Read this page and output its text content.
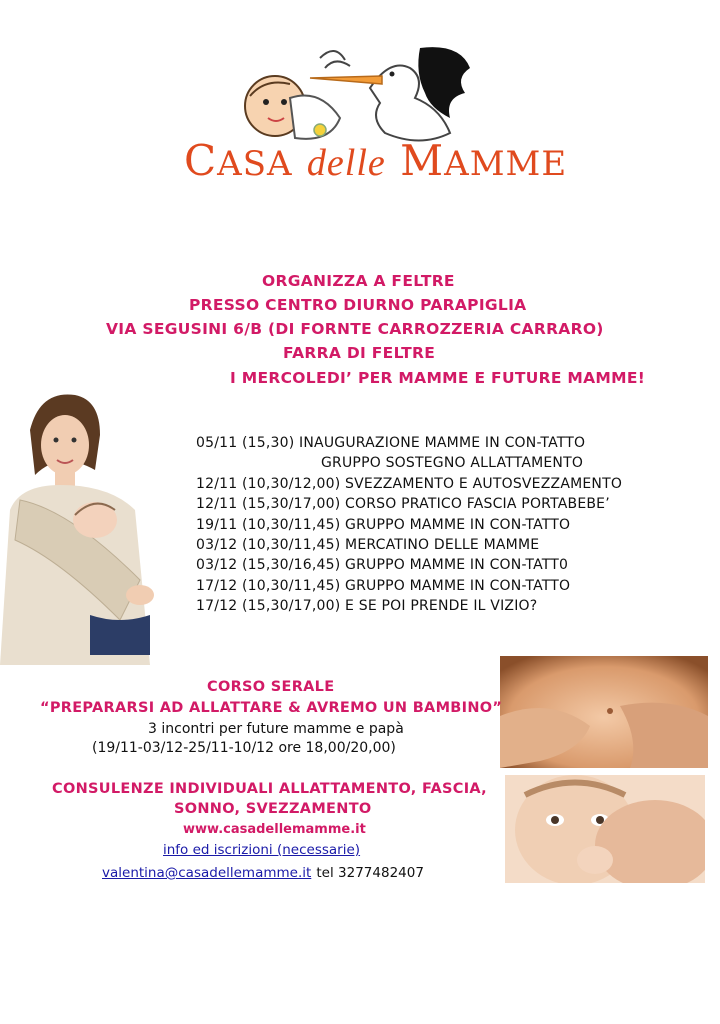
CASA delle MAMME
ORGANIZZA A FELTRE
PRESSO CENTRO DIURNO PARAPIGLIA
VIA SEGUSINI 6/B (DI FORNTE CARROZZERIA CARRARO)
FARRA DI FELTRE
I MERCOLEDI’ PER MAMME E FUTURE MAMME!
05/11 (15,30) INAUGURAZIONE MAMME IN CON-TATTO
GRUPPO SOSTEGNO ALLATTAMENTO
12/11 (10,30/12,00) SVEZZAMENTO E AUTOSVEZZAMENTO
12/11 (15,30/17,00) CORSO PRATICO FASCIA PORTABEBE’
19/11 (10,30/11,45) GRUPPO MAMME IN CON-TATTO
03/12 (10,30/11,45) MERCATINO DELLE MAMME
03/12 (15,30/16,45) GRUPPO MAMME IN CON-TATT0
17/12 (10,30/11,45) GRUPPO MAMME IN CON-TATTO
17/12 (15,30/17,00) E SE POI PRENDE IL VIZIO?
CORSO SERALE
“PREPARARSI AD ALLATTARE & AVREMO UN BAMBINO”
3 incontri per future mamme e papà
(19/11-03/12-25/11-10/12 ore 18,00/20,00)
CONSULENZE INDIVIDUALI ALLATTAMENTO, FASCIA,
SONNO, SVEZZAMENTO
www.casadellemamme.it
info ed iscrizioni (necessarie)
valentina@casadellemamme.it tel 3277482407
